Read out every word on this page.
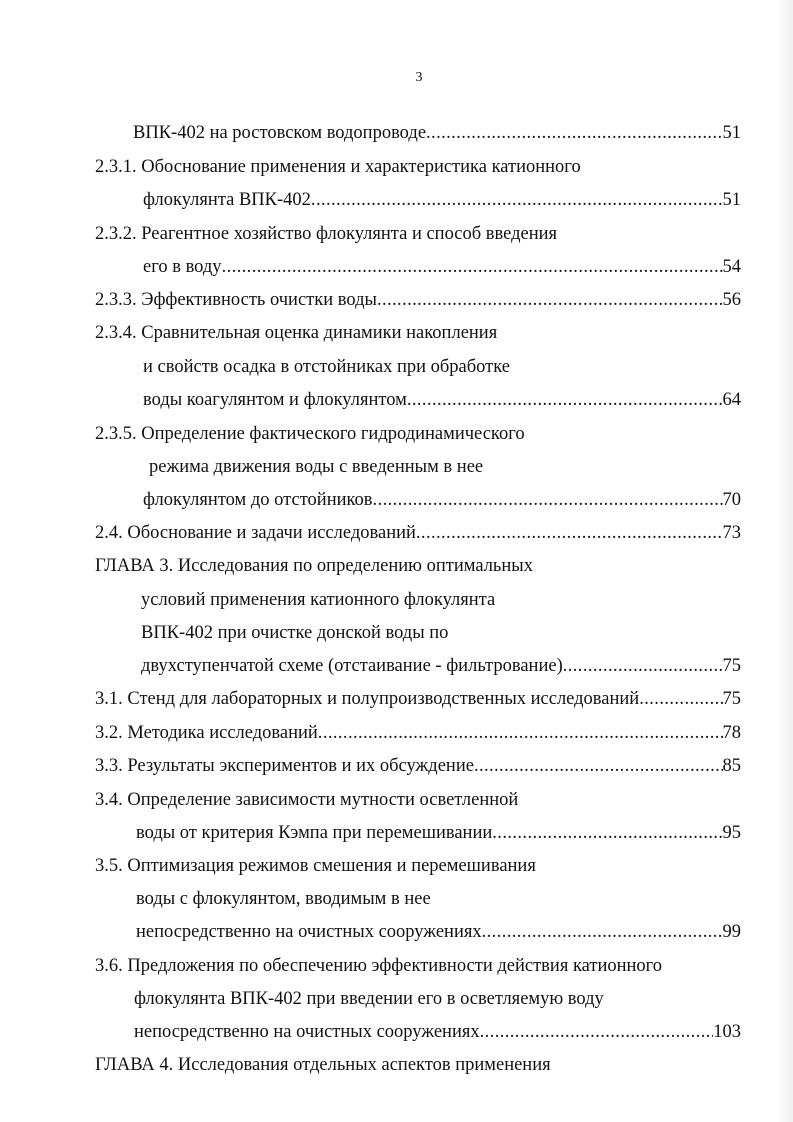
3
ВПК-402 на ростовском водопроводе .....	51
2.3.1. Обоснование применения и характеристика катионного
флокулянта ВПК-402 .....	51
2.3.2. Реагентное хозяйство флокулянта и способ введения
его в воду .....	54
2.3.3. Эффективность очистки воды .....	56
2.3.4. Сравнительная оценка динамики накопления
и свойств осадка в отстойниках при обработке
воды коагулянтом и флокулянтом .....	64
2.3.5. Определение фактического гидродинамического
режима движения воды с введенным в нее
флокулянтом до отстойников .....	70
2.4. Обоснование и задачи исследований .....	73
ГЛАВА 3. Исследования по определению оптимальных
условий применения катионного флокулянта
ВПК-402 при очистке донской воды по
двухступенчатой схеме (отстаивание - фильтрование) .....	75
3.1. Стенд для лабораторных и полупроизводственных исследований .....	75
3.2. Методика исследований .....	78
3.3. Результаты экспериментов и их обсуждение .....	85
3.4. Определение зависимости мутности осветленной
воды от критерия Кэмпа при перемешивании .....	95
3.5. Оптимизация режимов смешения и перемешивания
воды с флокулянтом, вводимым в нее
непосредственно на очистных сооружениях .....	99
3.6. Предложения по обеспечению эффективности действия катионного
флокулянта ВПК-402 при введении его в осветляемую воду
непосредственно на очистных сооружениях .....	103
ГЛАВА 4. Исследования отдельных аспектов применения
